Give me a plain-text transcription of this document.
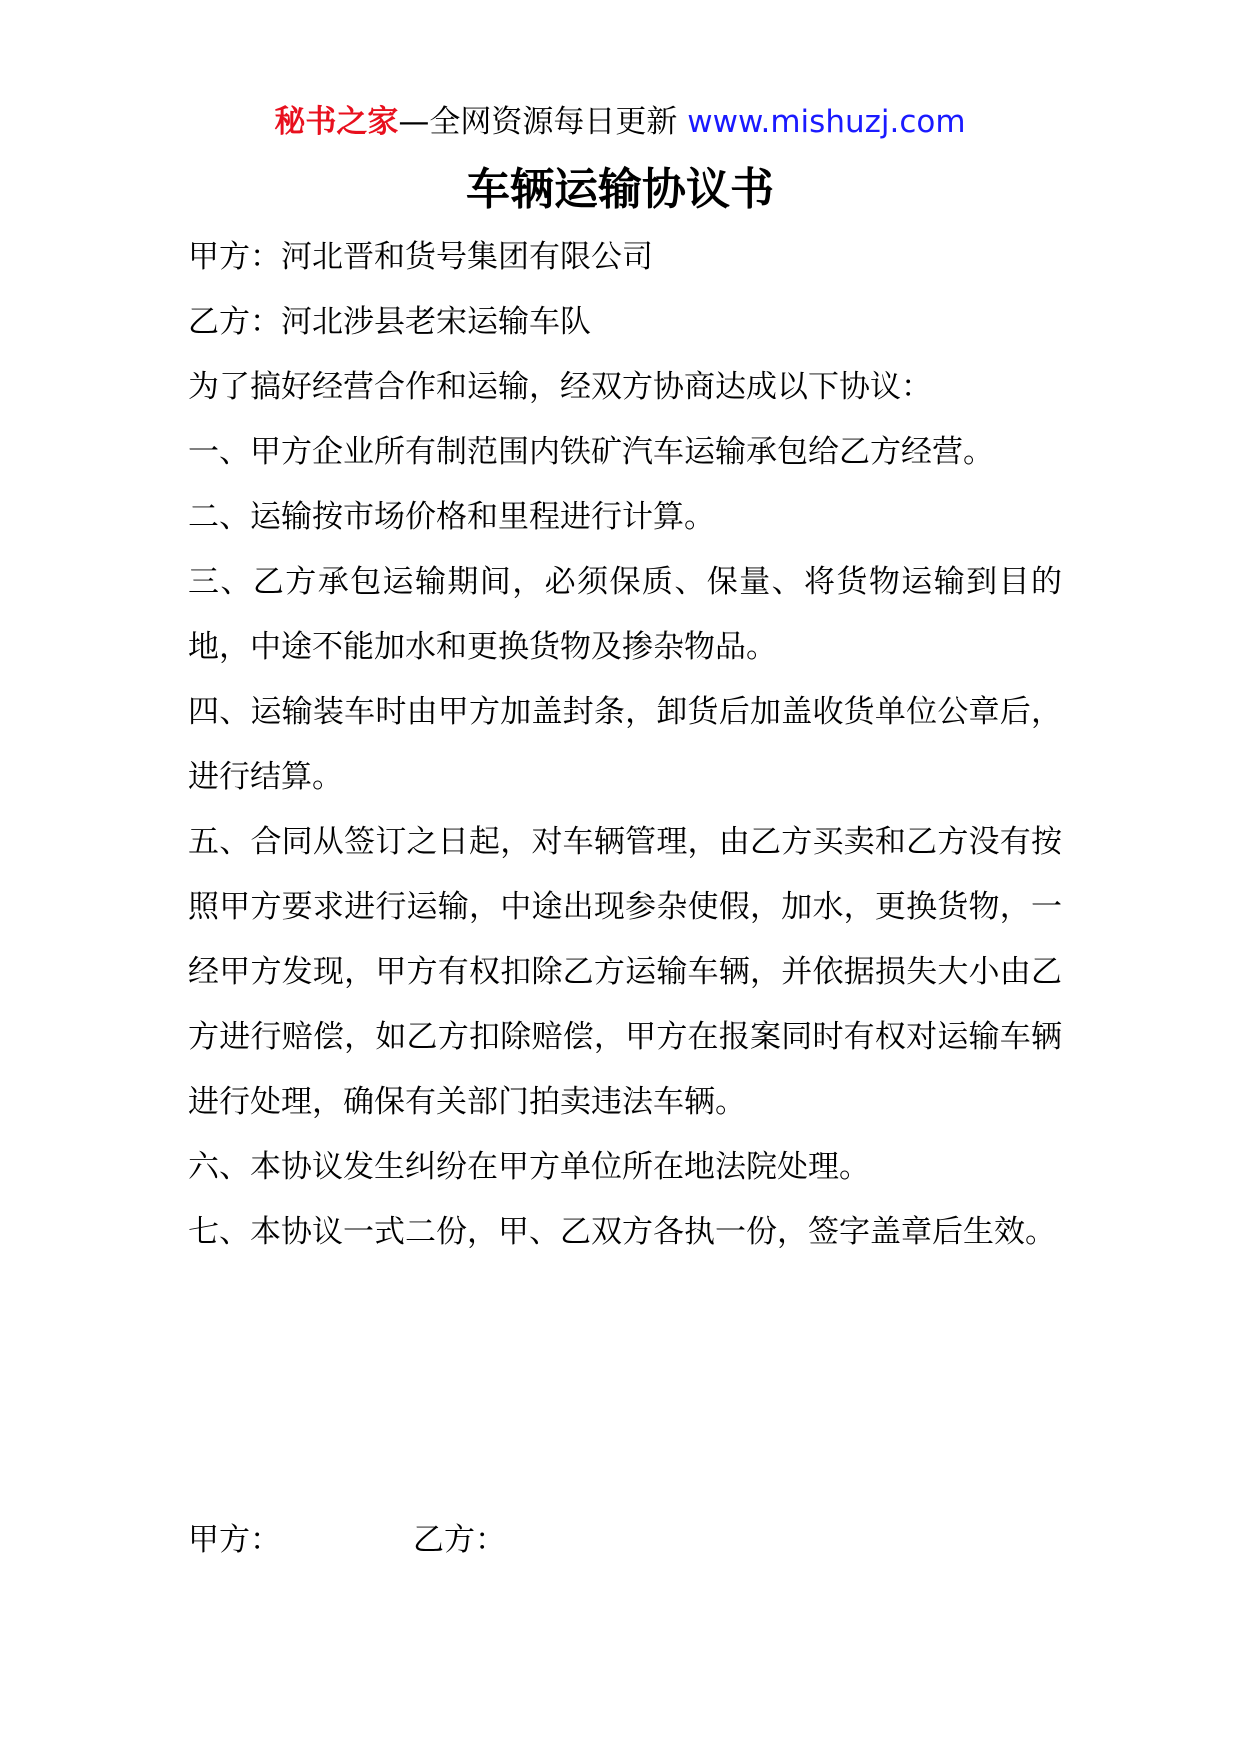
秘书之家—全网资源每日更新 www.mishuzj.com
车辆运输协议书

甲方：河北晋和货号集团有限公司

乙方：河北涉县老宋运输车队

为了搞好经营合作和运输，经双方协商达成以下协议：

一、甲方企业所有制范围内铁矿汽车运输承包给乙方经营。

二、运输按市场价格和里程进行计算。

三、乙方承包运输期间，必须保质、保量、将货物运输到目的地，中途不能加水和更换货物及掺杂物品。

四、运输装车时由甲方加盖封条，卸货后加盖收货单位公章后，进行结算。

五、合同从签订之日起，对车辆管理，由乙方买卖和乙方没有按照甲方要求进行运输，中途出现参杂使假，加水，更换货物，一经甲方发现，甲方有权扣除乙方运输车辆，并依据损失大小由乙方进行赔偿，如乙方扣除赔偿，甲方在报案同时有权对运输车辆进行处理，确保有关部门拍卖违法车辆。

六、本协议发生纠纷在甲方单位所在地法院处理。

七、本协议一式二份，甲、乙双方各执一份，签字盖章后生效。

甲方：	乙方：
